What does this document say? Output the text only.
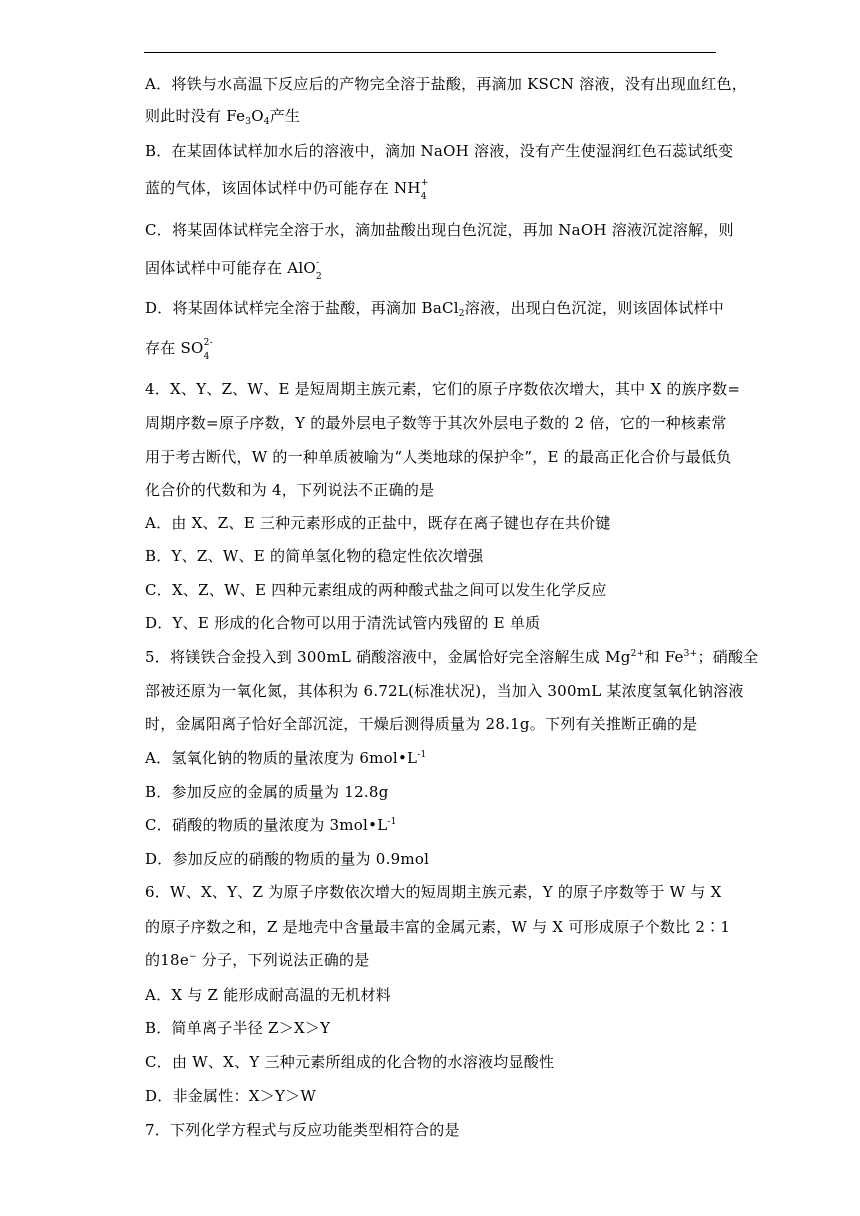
A．将铁与水高温下反应后的产物完全溶于盐酸，再滴加 KSCN 溶液，没有出现血红色，
则此时没有 $Fe_3O_4$产生
B．在某固体试样加水后的溶液中，滴加 NaOH 溶液，没有产生使湿润红色石蕊试纸变
蓝的气体，该固体试样中仍可能存在 NH +
4

C．将某固体试样完全溶于水，滴加盐酸出现白色沉淀，再加 NaOH 溶液沉淀溶解，则
固体试样中可能存在 AlO -
2

D．将某固体试样完全溶于盐酸，再滴加 BaCl$_2$溶液，出现白色沉淀，则该固体试样中
存在 SO 2-
4

4．X、Y、Z、W、E 是短周期主族元素，它们的原子序数依次增大，其中 X 的族序数=
周期序数=原子序数，Y 的最外层电子数等于其次外层电子数的 2 倍，它的一种核素常
用于考古断代，W 的一种单质被喻为“人类地球的保护伞”，E 的最高正化合价与最低负
化合价的代数和为 4，下列说法不正确的是
A．由 X、Z、E 三种元素形成的正盐中，既存在离子键也存在共价键
B．Y、Z、W、E 的简单氢化物的稳定性依次增强
C．X、Z、W、E 四种元素组成的两种酸式盐之间可以发生化学反应
D．Y、E 形成的化合物可以用于清洗试管内残留的 E 单质
5．将镁铁合金投入到 300mL 硝酸溶液中，金属恰好完全溶解生成 $Mg^{2+}$和 $Fe^{3+}$；硝酸全
部被还原为一氧化氮，其体积为 6.72L(标准状况)，当加入 300mL 某浓度氢氧化钠溶液
时，金属阳离子恰好全部沉淀，干燥后测得质量为 28.1g。下列有关推断正确的是
A．氢氧化钠的物质的量浓度为 $6mol•L^{-1}$
B．参加反应的金属的质量为 12.8g
C．硝酸的物质的量浓度为 $3mol•L^{-1}$
D．参加反应的硝酸的物质的量为 0.9mol
6．W、X、Y、Z 为原子序数依次增大的短周期主族元素，Y 的原子序数等于 W 与 X
的原子序数之和，Z 是地壳中含量最丰富的金属元素，W 与 X 可形成原子个数比 2∶1
的18e− 分子，下列说法正确的是
A．X 与 Z 能形成耐高温的无机材料
B．简单离子半径 Z＞X＞Y
C．由 W、X、Y 三种元素所组成的化合物的水溶液均显酸性
D．非金属性：X＞Y＞W
7．下列化学方程式与反应功能类型相符合的是
